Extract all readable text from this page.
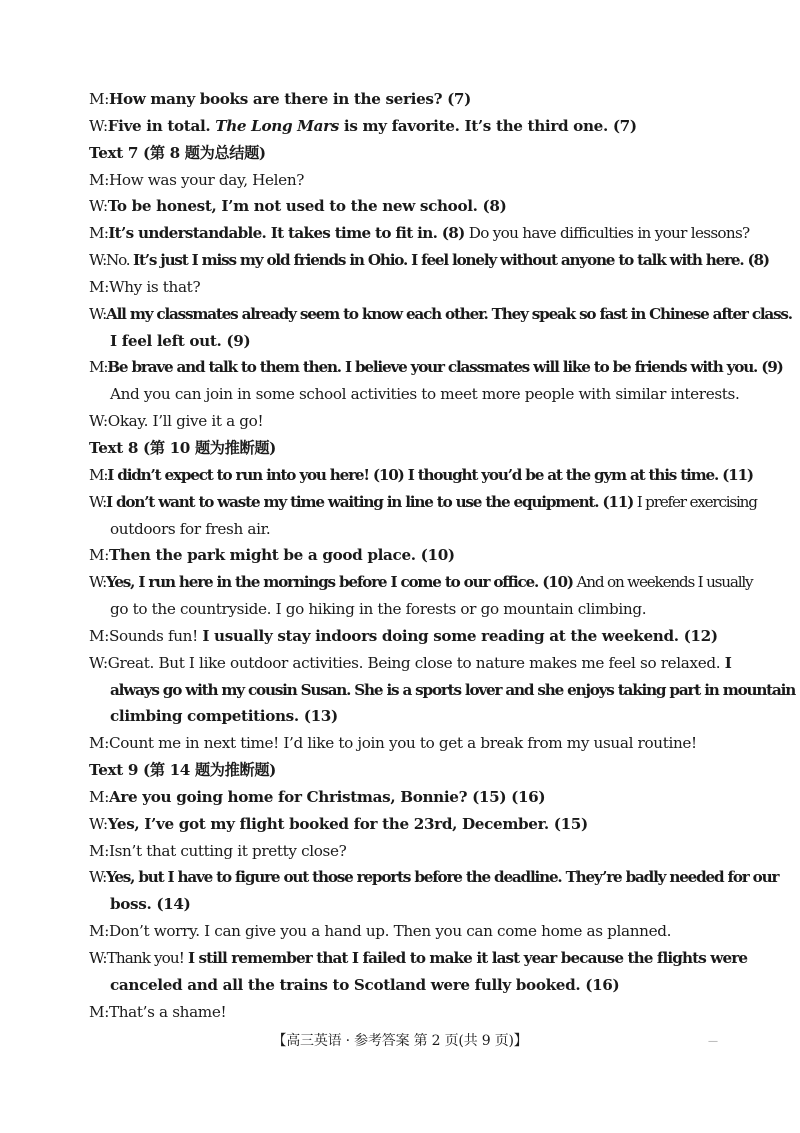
M:How many books are there in the series? (7)
W:Five in total. The Long Mars is my favorite. It’s the third one. (7)
Text 7 (第 8 题为总结题)
M:How was your day, Helen?
W:To be honest, I’m not used to the new school. (8)
M:It’s understandable. It takes time to fit in. (8) Do you have difficulties in your lessons?
W:No. It’s just I miss my old friends in Ohio. I feel lonely without anyone to talk with here. (8)
M:Why is that?
W:All my classmates already seem to know each other. They speak so fast in Chinese after class.
I feel left out. (9)
M:Be brave and talk to them then. I believe your classmates will like to be friends with you. (9)
And you can join in some school activities to meet more people with similar interests.
W:Okay. I’ll give it a go!
Text 8 (第 10 题为推断题)
M:I didn’t expect to run into you here! (10) I thought you’d be at the gym at this time. (11)
W:I don’t want to waste my time waiting in line to use the equipment. (11) I prefer exercising
outdoors for fresh air.
M:Then the park might be a good place. (10)
W:Yes, I run here in the mornings before I come to our office. (10) And on weekends I usually
go to the countryside. I go hiking in the forests or go mountain climbing.
M:Sounds fun! I usually stay indoors doing some reading at the weekend. (12)
W:Great. But I like outdoor activities. Being close to nature makes me feel so relaxed. I
always go with my cousin Susan. She is a sports lover and she enjoys taking part in mountain
climbing competitions. (13)
M:Count me in next time! I’d like to join you to get a break from my usual routine!
Text 9 (第 14 题为推断题)
M:Are you going home for Christmas, Bonnie? (15) (16)
W:Yes, I’ve got my flight booked for the 23rd, December. (15)
M:Isn’t that cutting it pretty close?
W:Yes, but I have to figure out those reports before the deadline. They’re badly needed for our
boss. (14)
M:Don’t worry. I can give you a hand up. Then you can come home as planned.
W:Thank you! I still remember that I failed to make it last year because the flights were
canceled and all the trains to Scotland were fully booked. (16)
M:That’s a shame!
【高三英语 · 参考答案 第 2 页(共 9 页)】	—
